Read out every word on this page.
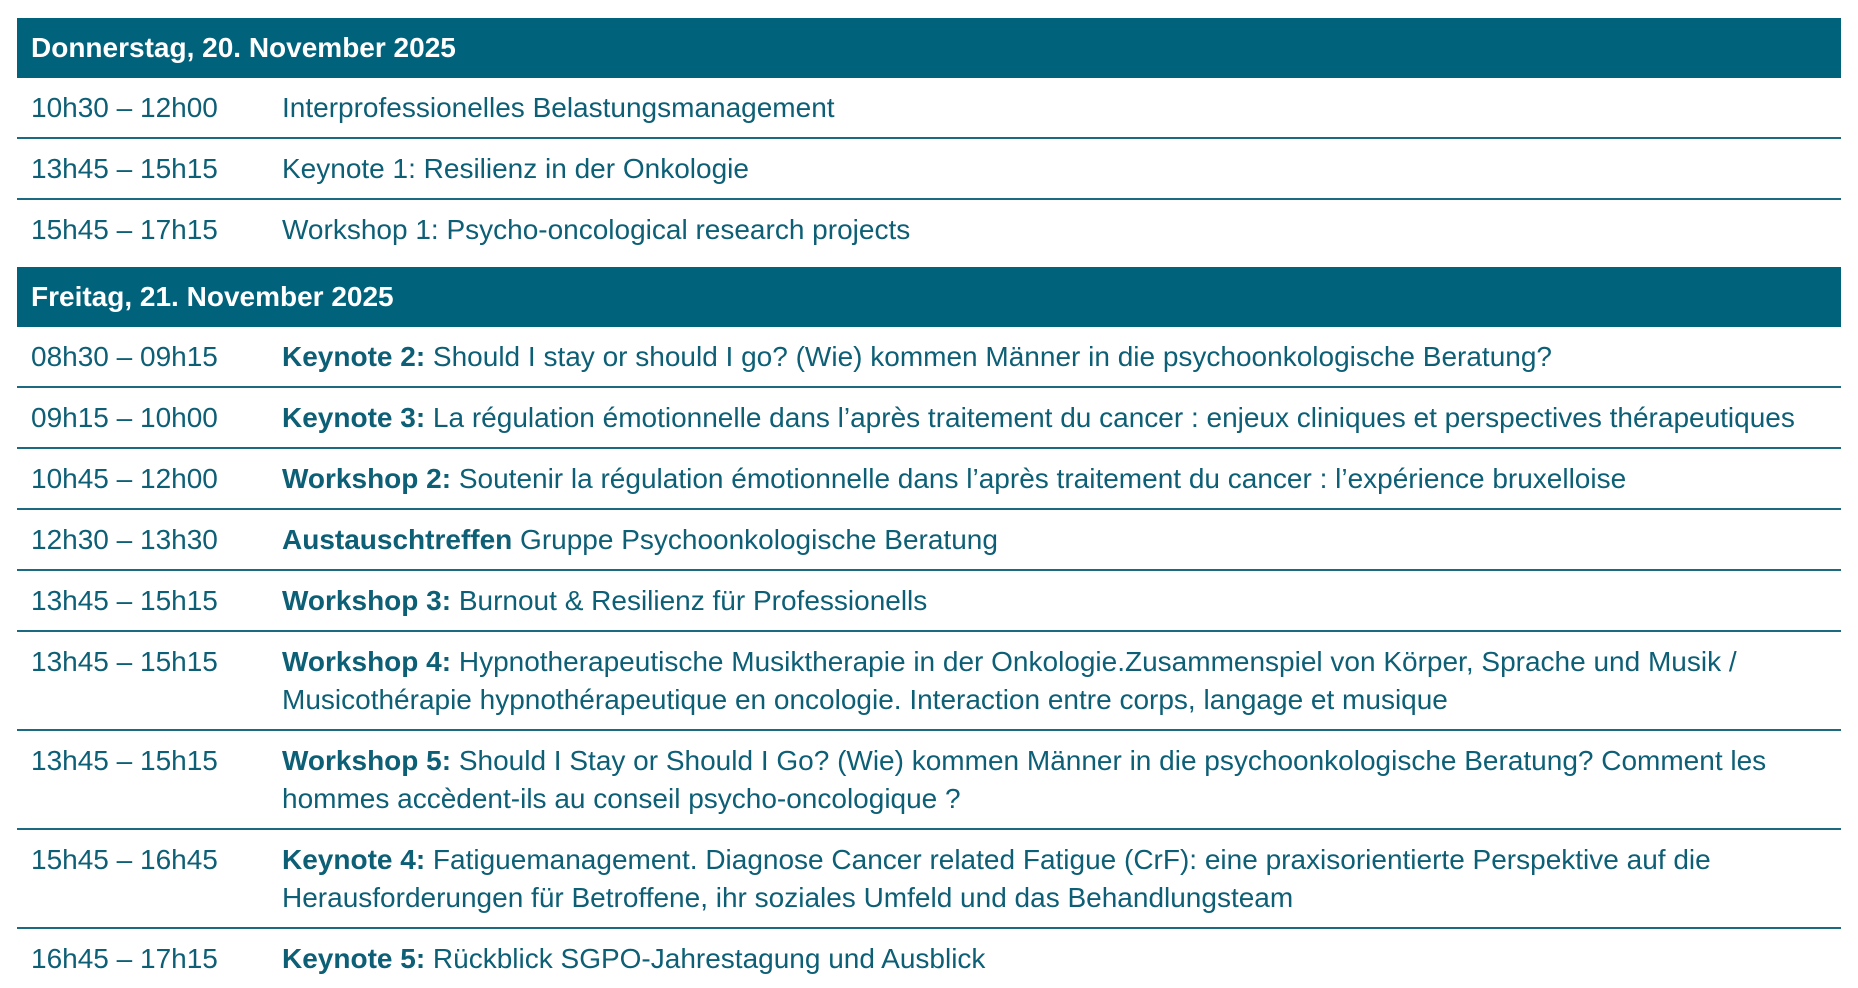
Donnerstag, 20. November 2025
10h30 – 12h00	Interprofessionelles Belastungsmanagement
13h45 – 15h15	Keynote 1: Resilienz in der Onkologie
15h45 – 17h15	Workshop 1: Psycho-oncological research projects
Freitag, 21. November 2025
08h30 – 09h15	Keynote 2: Should I stay or should I go? (Wie) kommen Männer in die psychoonkologische Beratung?
09h15 – 10h00	Keynote 3: La régulation émotionnelle dans l’après traitement du cancer : enjeux cliniques et perspectives thérapeutiques
10h45 – 12h00	Workshop 2: Soutenir la régulation émotionnelle dans l’après traitement du cancer : l’expérience bruxelloise
12h30 – 13h30	Austauschtreffen Gruppe Psychoonkologische Beratung
13h45 – 15h15	Workshop 3: Burnout & Resilienz für Professionells
13h45 – 15h15	Workshop 4: Hypnotherapeutische Musiktherapie in der Onkologie.Zusammenspiel von Körper, Sprache und Musik / Musicothérapie hypnothérapeutique en oncologie. Interaction entre corps, langage et musique
13h45 – 15h15	Workshop 5: Should I Stay or Should I Go? (Wie) kommen Männer in die psychoonkologische Beratung? Comment les hommes accèdent-ils au conseil psycho-oncologique ?
15h45 – 16h45	Keynote 4: Fatiguemanagement. Diagnose Cancer related Fatigue (CrF): eine praxisorientierte Perspektive auf die Herausforderungen für Betroffene, ihr soziales Umfeld und das Behandlungsteam
16h45 – 17h15	Keynote 5: Rückblick SGPO-Jahrestagung und Ausblick
